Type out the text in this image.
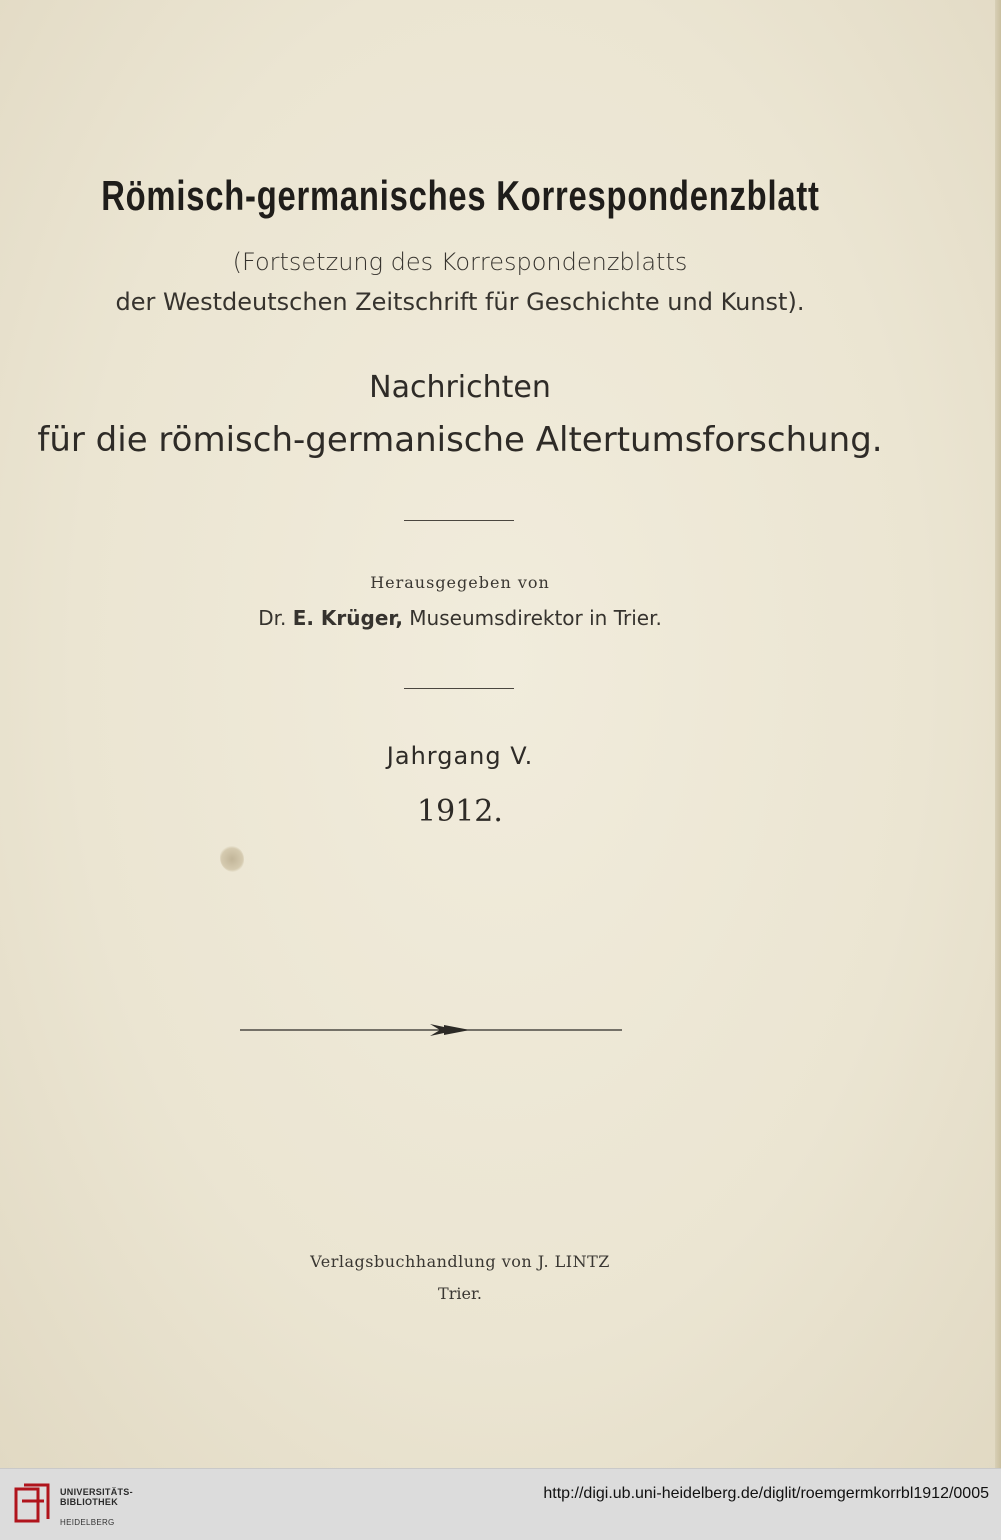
Römisch-germanisches Korrespondenzblatt
(Fortsetzung des Korrespondenzblatts
der Westdeutschen Zeitschrift für Geschichte und Kunst).
Nachrichten
für die römisch-germanische Altertumsforschung.
Herausgegeben von
Dr. E. Krüger, Museumsdirektor in Trier.
Jahrgang V.
1912.
Verlagsbuchhandlung von J. LINTZ
Trier.
UNIVERSITÄTS-
BIBLIOTHEK
HEIDELBERG
http://digi.ub.uni-heidelberg.de/diglit/roemgermkorrbl1912/0005
